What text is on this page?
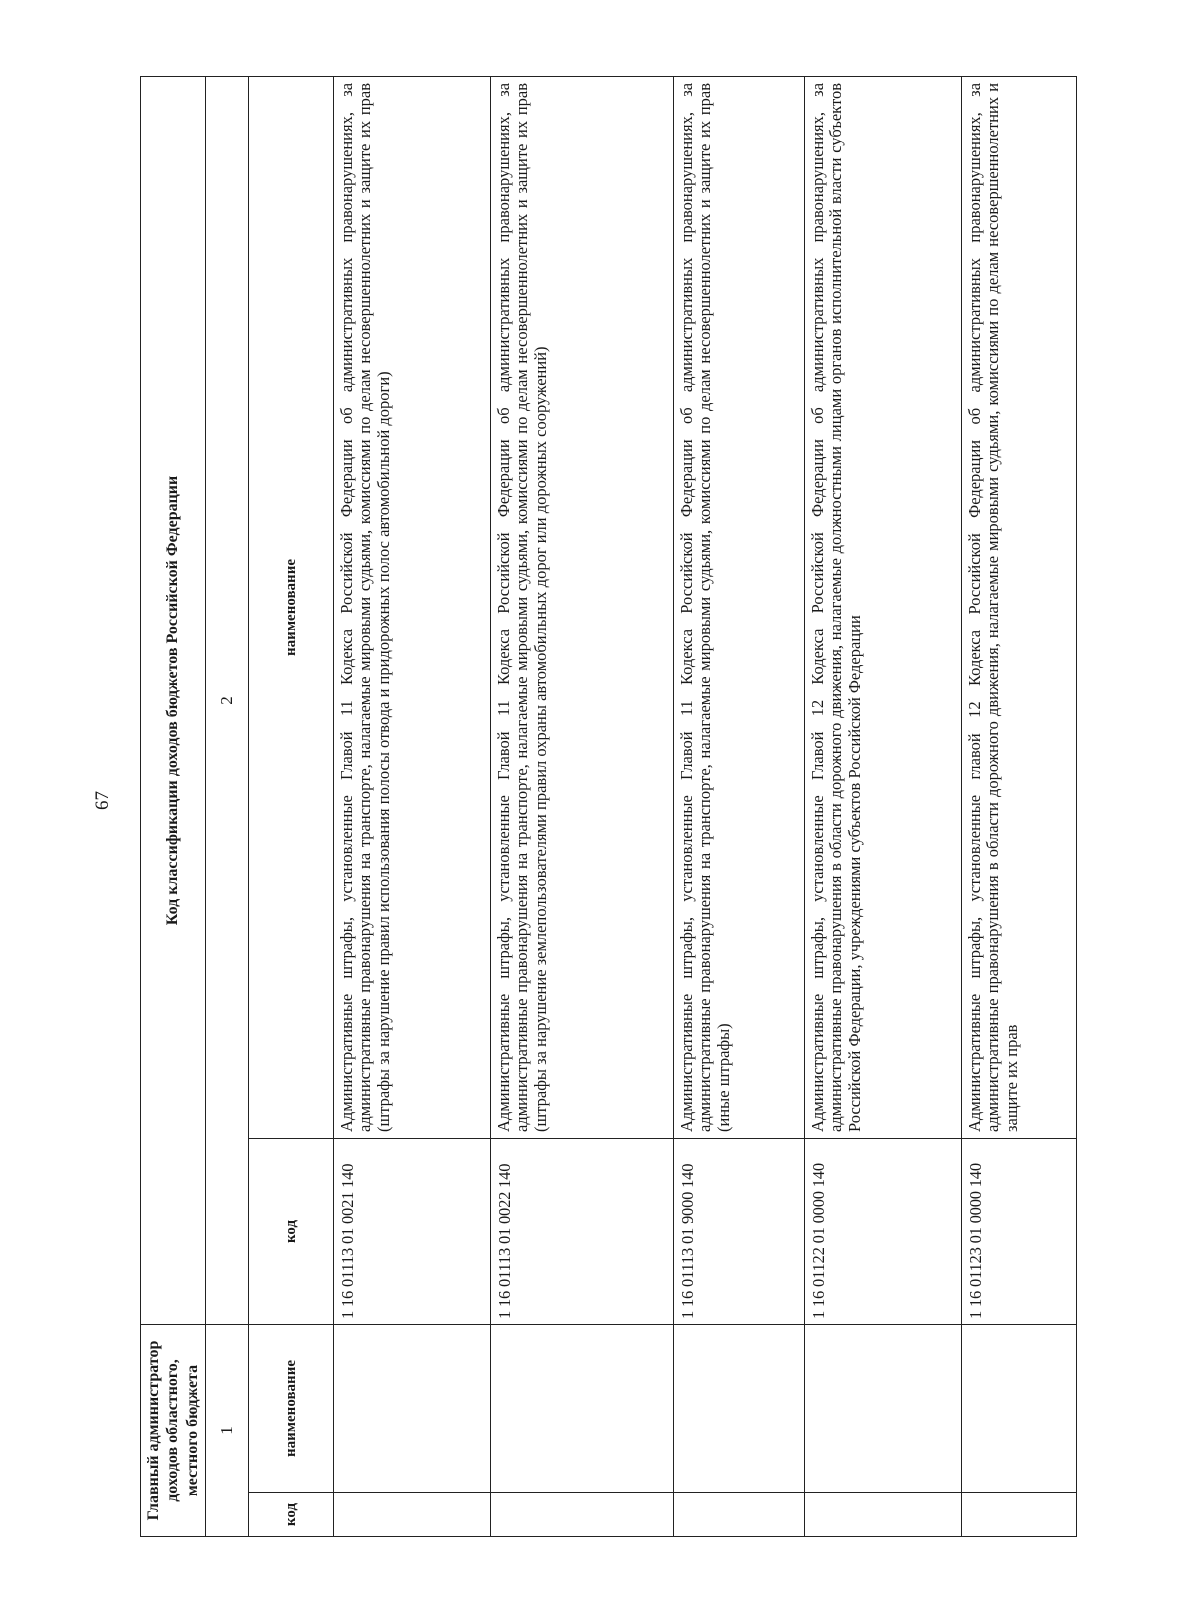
67
Главный администратор доходов областного, местного бюджета		Код классификации доходов бюджетов Российской Федерации	
1		2	
код	наименование	код	наименование
		1 16 01113 01 0021 140	Административные штрафы, установленные Главой 11 Кодекса Российской Федерации об административных правонарушениях, за административные правонарушения на транспорте, налагаемые мировыми судьями, комиссиями по делам несовершеннолетних и защите их прав (штрафы за нарушение правил использования полосы отвода и придорожных полос автомобильной дороги)
		1 16 01113 01 0022 140	Административные штрафы, установленные Главой 11 Кодекса Российской Федерации об административных правонарушениях, за административные правонарушения на транспорте, налагаемые мировыми судьями, комиссиями по делам несовершеннолетних и защите их прав (штрафы за нарушение землепользователями правил охраны автомобильных дорог или дорожных сооружений)
		1 16 01113 01 9000 140	Административные штрафы, установленные Главой 11 Кодекса Российской Федерации об административных правонарушениях, за административные правонарушения на транспорте, налагаемые мировыми судьями, комиссиями по делам несовершеннолетних и защите их прав (иные штрафы)
		1 16 01122 01 0000 140	Административные штрафы, установленные Главой 12 Кодекса Российской Федерации об административных правонарушениях, за административные правонарушения в области дорожного движения, налагаемые должностными лицами органов исполнительной власти субъектов Российской Федерации, учреждениями субъектов Российской Федерации
		1 16 01123 01 0000 140	Административные штрафы, установленные главой 12 Кодекса Российской Федерации об административных правонарушениях, за административные правонарушения в области дорожного движения, налагаемые мировыми судьями, комиссиями по делам несовершеннолетних и защите их прав
